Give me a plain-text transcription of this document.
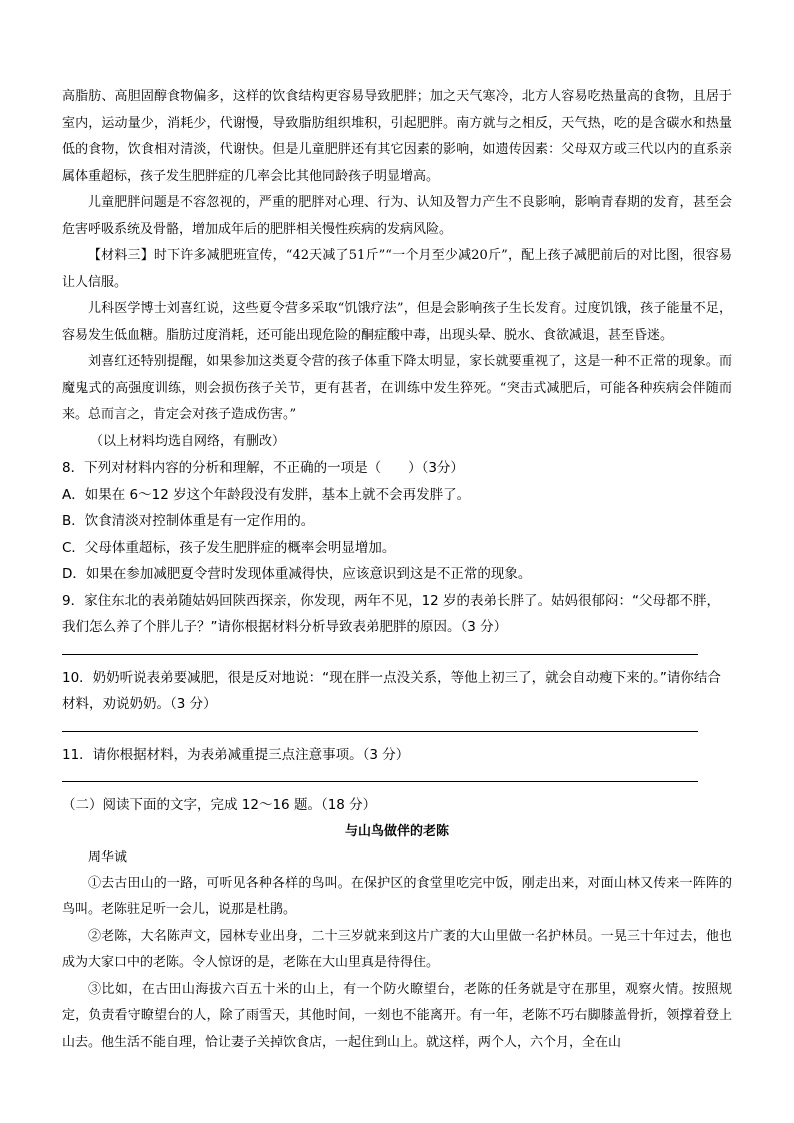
高脂肪、高胆固醇食物偏多，这样的饮食结构更容易导致肥胖；加之天气寒冷，北方人容易吃热量高的食物，且居于室内，运动量少，消耗少，代谢慢，导致脂肪组织堆积，引起肥胖。南方就与之相反，天气热，吃的是含碳水和热量低的食物，饮食相对清淡，代谢快。但是儿童肥胖还有其它因素的影响，如遗传因素：父母双方或三代以内的直系亲属体重超标，孩子发生肥胖症的几率会比其他同龄孩子明显增高。

儿童肥胖问题是不容忽视的，严重的肥胖对心理、行为、认知及智力产生不良影响，影响青春期的发育，甚至会危害呼吸系统及骨骼，增加成年后的肥胖相关慢性疾病的发病风险。

【材料三】时下许多减肥班宣传，“42天减了51斤”“一个月至少减20斤”，配上孩子减肥前后的对比图，很容易让人信服。

儿科医学博士刘喜红说，这些夏令营多采取“饥饿疗法”，但是会影响孩子生长发育。过度饥饿，孩子能量不足，容易发生低血糖。脂肪过度消耗，还可能出现危险的酮症酸中毒，出现头晕、脱水、食欲减退，甚至昏迷。

刘喜红还特别提醒，如果参加这类夏令营的孩子体重下降太明显，家长就要重视了，这是一种不正常的现象。而魔鬼式的高强度训练，则会损伤孩子关节，更有甚者，在训练中发生猝死。“突击式减肥后，可能各种疾病会伴随而来。总而言之，肯定会对孩子造成伤害。”

（以上材料均选自网络，有删改）

8．下列对材料内容的分析和理解，不正确的一项是（　　）（3分）

A．如果在 6～12 岁这个年龄段没有发胖，基本上就不会再发胖了。

B．饮食清淡对控制体重是有一定作用的。

C．父母体重超标，孩子发生肥胖症的概率会明显增加。

D．如果在参加减肥夏令营时发现体重减得快，应该意识到这是不正常的现象。

9．家住东北的表弟随姑妈回陕西探亲，你发现，两年不见，12 岁的表弟长胖了。姑妈很郁闷：“父母都不胖，我们怎么养了个胖儿子？”请你根据材料分析导致表弟肥胖的原因。（3 分）

10．奶奶听说表弟要减肥，很是反对地说：“现在胖一点没关系，等他上初三了，就会自动瘦下来的。”请你结合材料，劝说奶奶。（3 分）

11．请你根据材料，为表弟减重提三点注意事项。（3 分）

（二）阅读下面的文字，完成 12～16 题。（18 分）

与山鸟做伴的老陈

周华诚

①去古田山的一路，可听见各种各样的鸟叫。在保护区的食堂里吃完中饭，刚走出来，对面山林又传来一阵阵的鸟叫。老陈驻足听一会儿，说那是杜鹃。

②老陈，大名陈声文，园林专业出身，二十三岁就来到这片广袤的大山里做一名护林员。一晃三十年过去，他也成为大家口中的老陈。令人惊讶的是，老陈在大山里真是待得住。

③比如，在古田山海拔六百五十米的山上，有一个防火瞭望台，老陈的任务就是守在那里，观察火情。按照规定，负责看守瞭望台的人，除了雨雪天，其他时间，一刻也不能离开。有一年，老陈不巧右脚膝盖骨折，领撑着登上山去。他生活不能自理，恰让妻子关掉饮食店，一起住到山上。就这样，两个人，六个月，全在山
